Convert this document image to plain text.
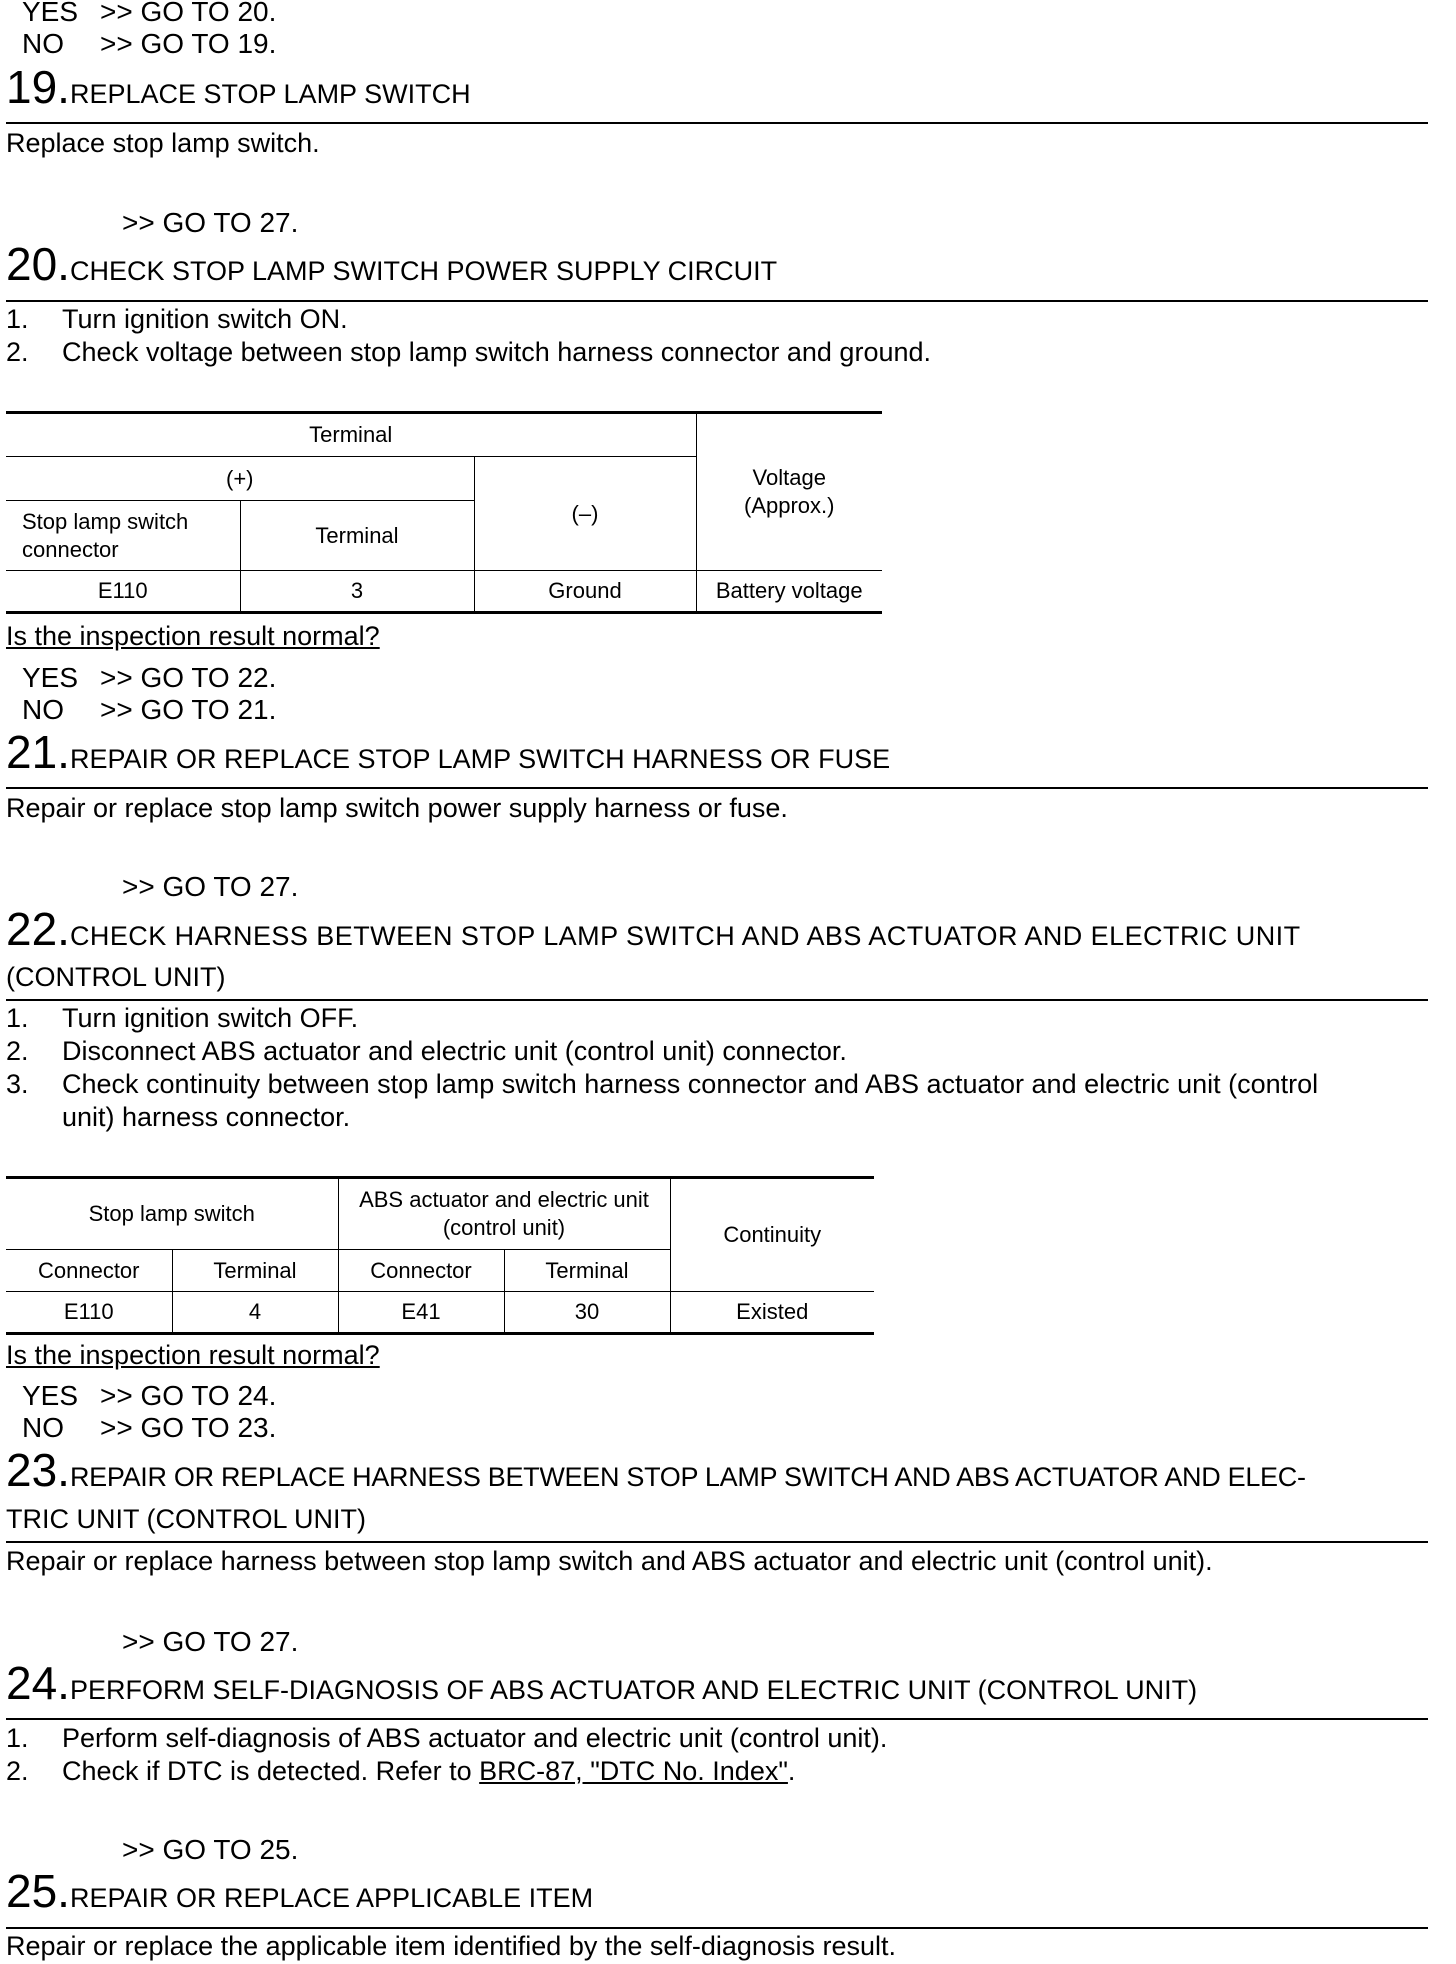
YES >> GO TO 20.
NO >> GO TO 19.
19.REPLACE STOP LAMP SWITCH
Replace stop lamp switch.
>> GO TO 27.
20.CHECK STOP LAMP SWITCH POWER SUPPLY CIRCUIT
1. Turn ignition switch ON.
2. Check voltage between stop lamp switch harness connector and ground.
Terminal			Voltage
(Approx.)
(+)		(–)	
Stop lamp switch
connector	Terminal		
E110	3	Ground	Battery voltage
Is the inspection result normal?
YES >> GO TO 22.
NO >> GO TO 21.
21.REPAIR OR REPLACE STOP LAMP SWITCH HARNESS OR FUSE
Repair or replace stop lamp switch power supply harness or fuse.
>> GO TO 27.
22.CHECK HARNESS BETWEEN STOP LAMP SWITCH AND ABS ACTUATOR AND ELECTRIC UNIT
(CONTROL UNIT)
1. Turn ignition switch OFF.
2. Disconnect ABS actuator and electric unit (control unit) connector.
3. Check continuity between stop lamp switch harness connector and ABS actuator and electric unit (control
unit) harness connector.
Stop lamp switch		ABS actuator and electric unit
(control unit)		Continuity
Connector	Terminal	Connector	Terminal	
E110	4	E41	30	Existed
Is the inspection result normal?
YES >> GO TO 24.
NO >> GO TO 23.
23.REPAIR OR REPLACE HARNESS BETWEEN STOP LAMP SWITCH AND ABS ACTUATOR AND ELEC-
TRIC UNIT (CONTROL UNIT)
Repair or replace harness between stop lamp switch and ABS actuator and electric unit (control unit).
>> GO TO 27.
24.PERFORM SELF-DIAGNOSIS OF ABS ACTUATOR AND ELECTRIC UNIT (CONTROL UNIT)
1. Perform self-diagnosis of ABS actuator and electric unit (control unit).
2. Check if DTC is detected. Refer to BRC-87, "DTC No. Index".
>> GO TO 25.
25.REPAIR OR REPLACE APPLICABLE ITEM
Repair or replace the applicable item identified by the self-diagnosis result.
